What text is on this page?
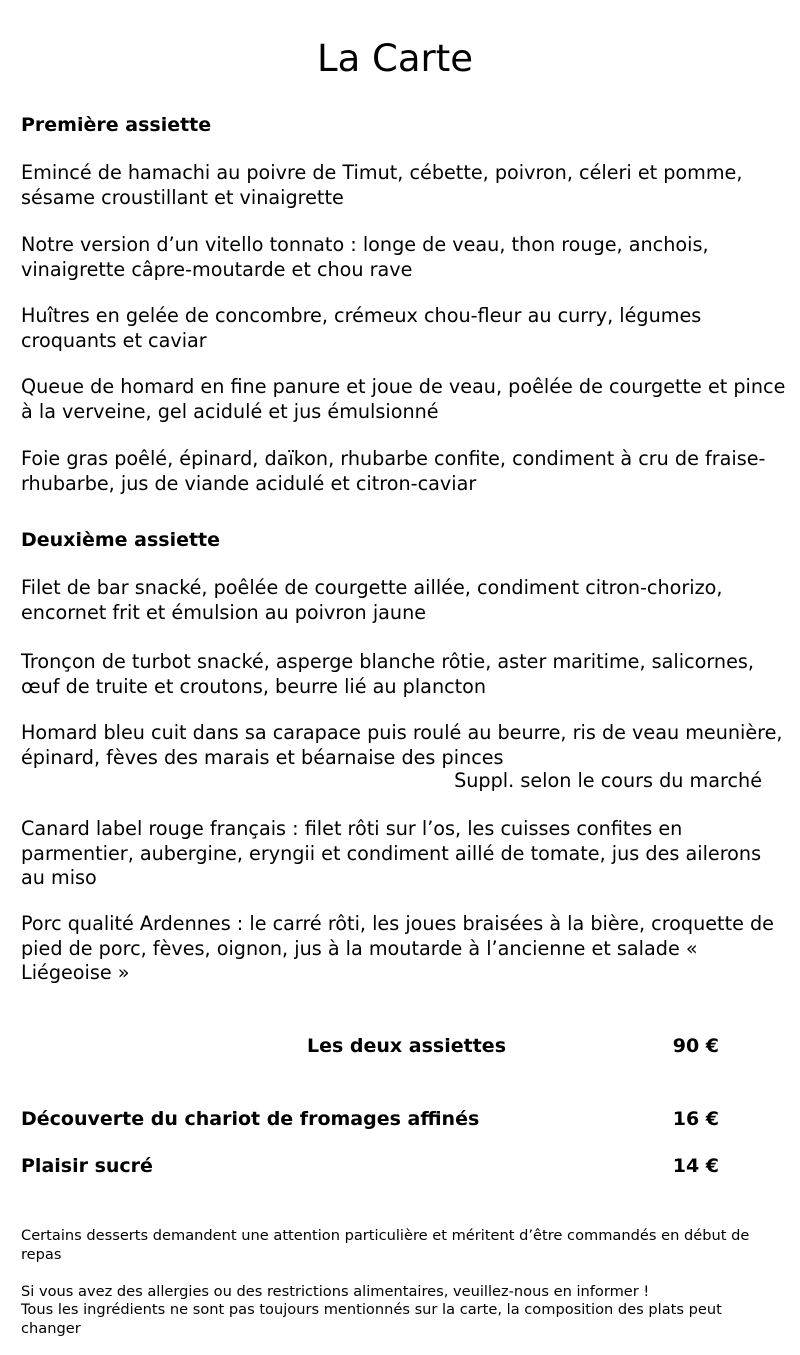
La Carte
Première assiette

Emincé de hamachi au poivre de Timut, cébette, poivron, céleri et pomme, sésame croustillant et vinaigrette

Notre version d’un vitello tonnato : longe de veau, thon rouge, anchois, vinaigrette câpre-moutarde et chou rave

Huîtres en gelée de concombre, crémeux chou-fleur au curry, légumes croquants et caviar

Queue de homard en fine panure et joue de veau, poêlée de courgette et pince à la verveine, gel acidulé et jus émulsionné

Foie gras poêlé, épinard, daïkon, rhubarbe confite, condiment à cru de fraise-rhubarbe, jus de viande acidulé et citron-caviar

Deuxième assiette

Filet de bar snacké, poêlée de courgette aillée, condiment citron-chorizo, encornet frit et émulsion au poivron jaune

Tronçon de turbot snacké, asperge blanche rôtie, aster maritime, salicornes, œuf de truite et croutons, beurre lié au plancton

Homard bleu cuit dans sa carapace puis roulé au beurre, ris de veau meunière, épinard, fèves des marais et béarnaise des pinces

Suppl. selon le cours du marché

Canard label rouge français : filet rôti sur l’os, les cuisses confites en parmentier, aubergine, eryngii et condiment aillé de tomate, jus des ailerons au miso

Porc qualité Ardennes : le carré rôti, les joues braisées à la bière, croquette de pied de porc, fèves, oignon, jus à la moutarde à l’ancienne et salade « Liégeoise »

Les deux assiettes	90 €
Découverte du chariot de fromages affinés	16 €
Plaisir sucré	14 €

Certains desserts demandent une attention particulière et méritent d’être commandés en début de repas

Si vous avez des allergies ou des restrictions alimentaires, veuillez-nous en informer !

Tous les ingrédients ne sont pas toujours mentionnés sur la carte, la composition des plats peut changer
